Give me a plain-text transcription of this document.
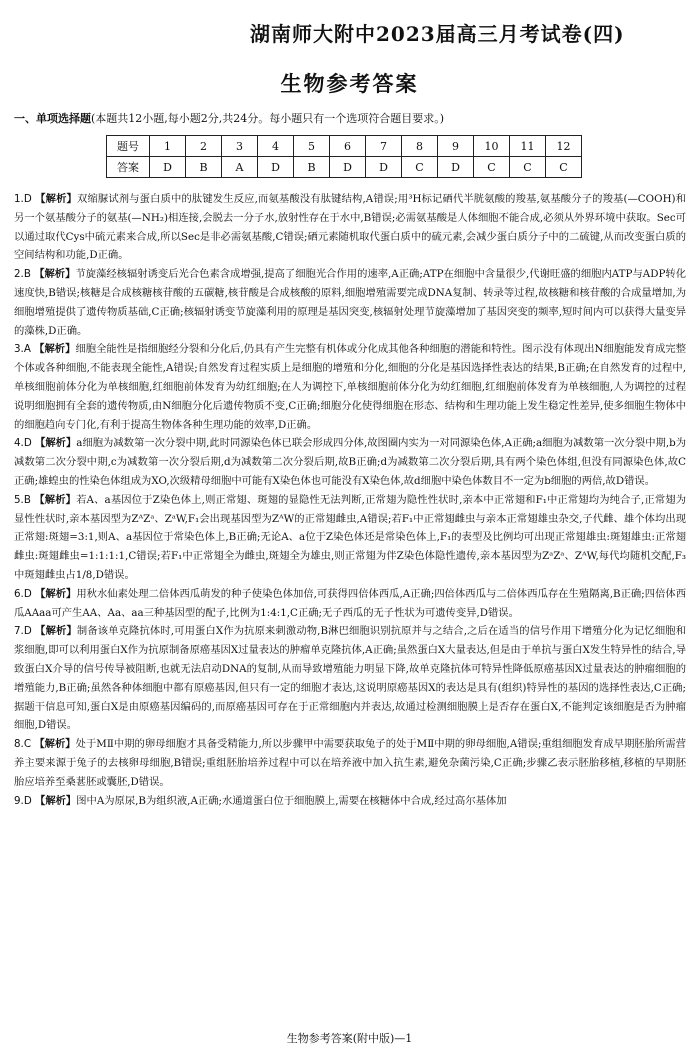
湖南师大附中2023届高三月考试卷(四)
生物参考答案
一、单项选择题(本题共12小题,每小题2分,共24分。每小题只有一个选项符合题目要求。)
题号	1	2	3	4	5	6	7	8	9	10	11	12
答案	D	B	A	D	B	D	D	C	D	C	C	C

1.D 【解析】双缩脲试剂与蛋白质中的肽键发生反应,而氨基酸没有肽键结构,A错误;用³H标记硒代半胱氨酸的羧基,氨基酸分子的羧基(—COOH)和另一个氨基酸分子的氨基(—NH₂)相连接,会脱去一分子水,放射性存在于水中,B错误;必需氨基酸是人体细胞不能合成,必须从外界环境中获取。Sec可以通过取代Cys中硫元素来合成,所以Sec是非必需氨基酸,C错误;硒元素随机取代蛋白质中的硫元素,会减少蛋白质分子中的二硫键,从而改变蛋白质的空间结构和功能,D正确。

2.B 【解析】节旋藻经核辐射诱变后光合色素含成增强,提高了细胞光合作用的速率,A正确;ATP在细胞中含量很少,代谢旺盛的细胞内ATP与ADP转化速度快,B错误;核糖是合成核糖核苷酸的五碳糖,核苷酸是合成核酸的原料,细胞增殖需要完成DNA复制、转录等过程,故核糖和核苷酸的合成量增加,为细胞增殖提供了遗传物质基础,C正确;核辐射诱变节旋藻利用的原理是基因突变,核辐射处理节旋藻增加了基因突变的频率,短时间内可以获得大量变异的藻株,D正确。

3.A 【解析】细胞全能性是指细胞经分裂和分化后,仍具有产生完整有机体或分化成其他各种细胞的潜能和特性。图示没有体现出N细胞能发育成完整个体或各种细胞,不能表现全能性,A错误;自然发育过程实质上是细胞的增殖和分化,细胞的分化是基因选择性表达的结果,B正确;在自然发育的过程中,单核细胞前体分化为单核细胞,红细胞前体发育为幼红细胞;在人为调控下,单核细胞前体分化为幼红细胞,红细胞前体发育为单核细胞,人为调控的过程说明细胞拥有全套的遗传物质,由N细胞分化后遗传物质不变,C正确;细胞分化使得细胞在形态、结构和生理功能上发生稳定性差异,使多细胞生物体中的细胞趋向专门化,有利于提高生物体各种生理功能的效率,D正确。

4.D 【解析】a细胞为减数第一次分裂中期,此时同源染色体已联会形成四分体,故图圈内实为一对同源染色体,A正确;a细胞为减数第一次分裂中期,b为减数第二次分裂中期,c为减数第一次分裂后期,d为减数第二次分裂后期,故B正确;d为减数第二次分裂后期,具有两个染色体组,但没有同源染色体,故C正确;雄蝗虫的性染色体组成为XO,次级精母细胞中可能有X染色体也可能没有X染色体,故d细胞中染色体数目不一定为b细胞的两倍,故D错误。

5.B 【解析】若A、a基因位于Z染色体上,则正常翅、斑翅的显隐性无法判断,正常翅为隐性性状时,亲本中正常翅和F₁中正常翅均为纯合子,正常翅为显性性状时,亲本基因型为ZᴬZᵃ、ZᵃW,F₁会出现基因型为ZᴬW的正常翅雌虫,A错误;若F₁中正常翅雌虫与亲本正常翅雄虫杂交,子代雌、雄个体均出现正常翅:斑翅=3:1,则A、a基因位于常染色体上,B正确;无论A、a位于Z染色体还是常染色体上,F₁的表型及比例均可出现正常翅雄虫:斑翅雄虫:正常翅雌虫:斑翅雌虫=1:1:1:1,C错误;若F₁中正常翅全为雌虫,斑翅全为雄虫,则正常翅为伴Z染色体隐性遗传,亲本基因型为ZᵃZᵃ、ZᴬW,每代均随机交配,F₃中斑翅雌虫占1/8,D错误。

6.D 【解析】用秋水仙素处理二倍体西瓜萌发的种子使染色体加倍,可获得四倍体西瓜,A正确;四倍体西瓜与二倍体西瓜存在生殖隔离,B正确;四倍体西瓜AAaa可产生AA、Aa、aa三种基因型的配子,比例为1:4:1,C正确;无子西瓜的无子性状为可遗传变异,D错误。

7.D 【解析】制备该单克隆抗体时,可用蛋白X作为抗原来刺激动物,B淋巴细胞识别抗原并与之结合,之后在适当的信号作用下增殖分化为记忆细胞和浆细胞,即可以利用蛋白X作为抗原制备原癌基因X过量表达的肿瘤单克隆抗体,A正确;虽然蛋白X大量表达,但是由于单抗与蛋白X发生特异性的结合,导致蛋白X介导的信号传导被阻断,也就无法启动DNA的复制,从而导致增殖能力明显下降,故单克隆抗体可特异性降低原癌基因X过量表达的肿瘤细胞的增殖能力,B正确;虽然各种体细胞中都有原癌基因,但只有一定的细胞才表达,这说明原癌基因X的表达是具有(组织)特异性的基因的选择性表达,C正确;据题干信息可知,蛋白X是由原癌基因编码的,而原癌基因可存在于正常细胞内并表达,故通过检测细胞膜上是否存在蛋白X,不能判定该细胞是否为肿瘤细胞,D错误。

8.C 【解析】处于MⅡ中期的卵母细胞才具备受精能力,所以步骤甲中需要获取兔子的处于MⅡ中期的卵母细胞,A错误;重组细胞发育成早期胚胎所需营养主要来源于兔子的去核卵母细胞,B错误;重组胚胎培养过程中可以在培养液中加入抗生素,避免杂菌污染,C正确;步骤乙表示胚胎移植,移植的早期胚胎应培养至桑葚胚或囊胚,D错误。

9.D 【解析】图中A为原尿,B为组织液,A正确;水通道蛋白位于细胞膜上,需要在核糖体中合成,经过高尔基体加

生物参考答案(附中版)—1
